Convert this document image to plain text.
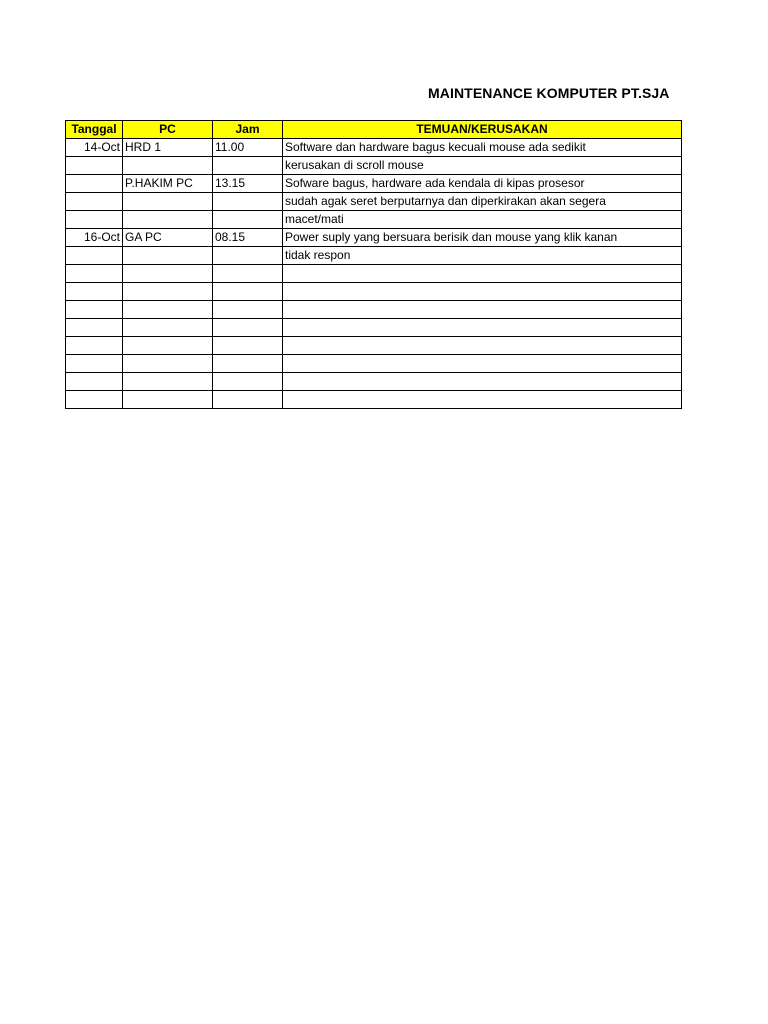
MAINTENANCE KOMPUTER PT.SJA
Tanggal	PC	Jam	TEMUAN/KERUSAKAN
14-Oct	HRD 1	11.00	Software dan hardware bagus kecuali mouse ada sedikit
			kerusakan di scroll mouse
	P.HAKIM PC	13.15	Sofware bagus, hardware ada kendala di kipas prosesor
			sudah agak seret berputarnya dan diperkirakan akan segera
			macet/mati
16-Oct	GA PC	08.15	Power suply yang bersuara berisik dan mouse yang klik kanan
			tidak respon
